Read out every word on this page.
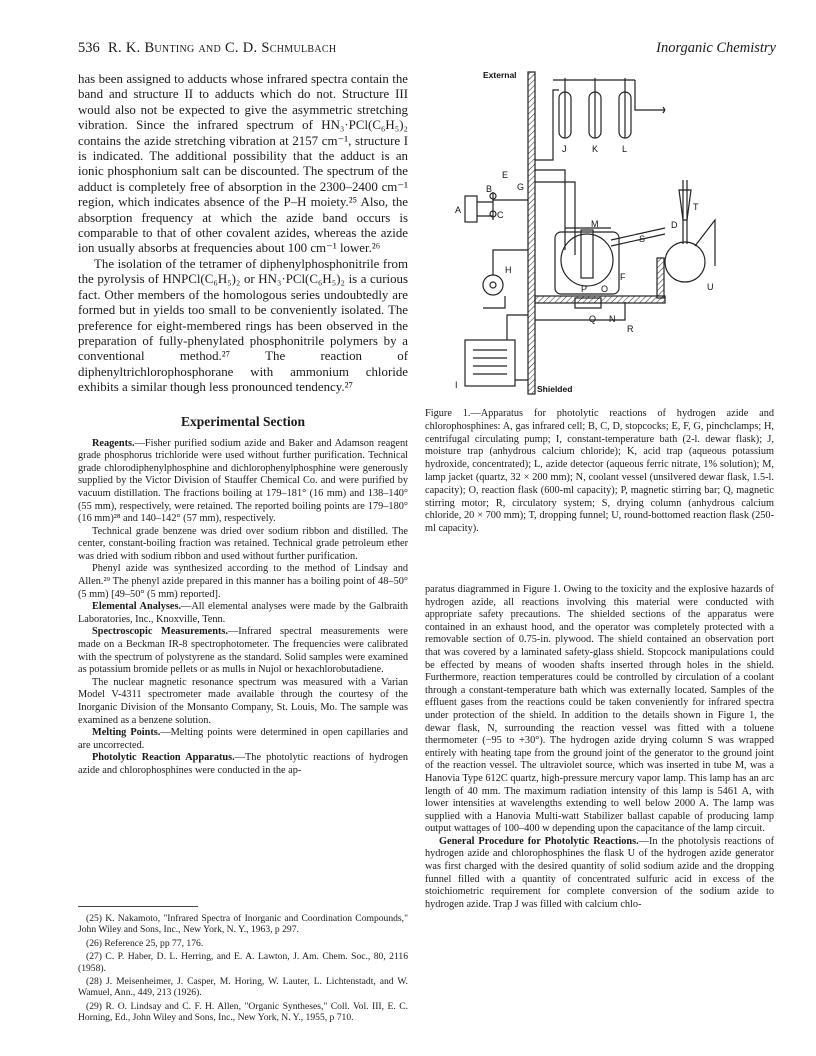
536 R. K. Bunting and C. D. Schmulbach	Inorganic Chemistry

has been assigned to adducts whose infrared spectra contain the band and structure II to adducts which do not. Structure III would also not be expected to give the asymmetric stretching vibration. Since the infrared spectrum of HN₃·PCl(C₆H₅)₂ contains the azide stretching vibration at 2157 cm⁻¹, structure I is indicated. The additional possibility that the adduct is an ionic phosphonium salt can be discounted. The spectrum of the adduct is completely free of absorption in the 2300–2400 cm⁻¹ region, which indicates absence of the P–H moiety.²⁵ Also, the absorption frequency at which the azide band occurs is comparable to that of other covalent azides, whereas the azide ion usually absorbs at frequencies about 100 cm⁻¹ lower.²⁶

The isolation of the tetramer of diphenylphosphonitrile from the pyrolysis of HNPCl(C₆H₅)₂ or HN₃·PCl(C₆H₅)₂ is a curious fact. Other members of the homologous series undoubtedly are formed but in yields too small to be conveniently isolated. The preference for eight-membered rings has been observed in the preparation of fully-phenylated phosphonitrile polymers by a conventional method.²⁷ The reaction of diphenyltrichlorophosphorane with ammonium chloride exhibits a similar though less pronounced tendency.²⁷

Experimental Section

Reagents.—Fisher purified sodium azide and Baker and Adamson reagent grade phosphorus trichloride were used without further purification. Technical grade chlorodiphenylphosphine and dichlorophenylphosphine were generously supplied by the Victor Division of Stauffer Chemical Co. and were purified by vacuum distillation. The fractions boiling at 179–181° (16 mm) and 138–140° (55 mm), respectively, were retained. The reported boiling points are 179–180° (16 mm)²⁸ and 140–142° (57 mm), respectively.

Technical grade benzene was dried over sodium ribbon and distilled. The center, constant-boiling fraction was retained. Technical grade petroleum ether was dried with sodium ribbon and used without further purification.

Phenyl azide was synthesized according to the method of Lindsay and Allen.²⁹ The phenyl azide prepared in this manner has a boiling point of 48–50° (5 mm) [49–50° (5 mm) reported].

Elemental Analyses.—All elemental analyses were made by the Galbraith Laboratories, Inc., Knoxville, Tenn.

Spectroscopic Measurements.—Infrared spectral measurements were made on a Beckman IR-8 spectrophotometer. The frequencies were calibrated with the spectrum of polystyrene as the standard. Solid samples were examined as potassium bromide pellets or as mulls in Nujol or hexachlorobutadiene.

The nuclear magnetic resonance spectrum was measured with a Varian Model V-4311 spectrometer made available through the courtesy of the Inorganic Division of the Monsanto Company, St. Louis, Mo. The sample was examined as a benzene solution.

Melting Points.—Melting points were determined in open capillaries and are uncorrected.

Photolytic Reaction Apparatus.—The photolytic reactions of hydrogen azide and chlorophosphines were conducted in the ap-

(25) K. Nakamoto, "Infrared Spectra of Inorganic and Coordination Compounds," John Wiley and Sons, Inc., New York, N. Y., 1963, p 297.

(26) Reference 25, pp 77, 176.

(27) C. P. Haber, D. L. Herring, and E. A. Lawton, J. Am. Chem. Soc., 80, 2116 (1958).

(28) J. Meisenheimer, J. Casper, M. Horing, W. Lauter, L. Lichtenstadt, and W. Wamuel, Ann., 449, 213 (1926).

(29) R. O. Lindsay and C. F. H. Allen, "Organic Syntheses," Coll. Vol. III, E. C. Horning, Ed., John Wiley and Sons, Inc., New York, N. Y., 1955, p 710.

External
Shielded
A
B
C
D
E
F
G
H
I
J	K	L
M
N
O
P
Q
R
S
T
U
Figure 1.—Apparatus for photolytic reactions of hydrogen azide and chlorophosphines: A, gas infrared cell; B, C, D, stopcocks; E, F, G, pinchclamps; H, centrifugal circulating pump; I, constant-temperature bath (2-l. dewar flask); J, moisture trap (anhydrous calcium chloride); K, acid trap (aqueous potassium hydroxide, concentrated); L, azide detector (aqueous ferric nitrate, 1% solution); M, lamp jacket (quartz, 32 × 200 mm); N, coolant vessel (unsilvered dewar flask, 1.5-l. capacity); O, reaction flask (600-ml capacity); P, magnetic stirring bar; Q, magnetic stirring motor; R, circulatory system; S, drying column (anhydrous calcium chloride, 20 × 700 mm); T, dropping funnel; U, round-bottomed reaction flask (250-ml capacity).

paratus diagrammed in Figure 1. Owing to the toxicity and the explosive hazards of hydrogen azide, all reactions involving this material were conducted with appropriate safety precautions. The shielded sections of the apparatus were contained in an exhaust hood, and the operator was completely protected with a removable section of 0.75-in. plywood. The shield contained an observation port that was covered by a laminated safety-glass shield. Stopcock manipulations could be effected by means of wooden shafts inserted through holes in the shield. Furthermore, reaction temperatures could be controlled by circulation of a coolant through a constant-temperature bath which was externally located. Samples of the effluent gases from the reactions could be taken conveniently for infrared spectra under protection of the shield. In addition to the details shown in Figure 1, the dewar flask, N, surrounding the reaction vessel was fitted with a toluene thermometer (−95 to +30°). The hydrogen azide drying column S was wrapped entirely with heating tape from the ground joint of the generator to the ground joint of the reaction vessel. The ultraviolet source, which was inserted in tube M, was a Hanovia Type 612C quartz, high-pressure mercury vapor lamp. This lamp has an arc length of 40 mm. The maximum radiation intensity of this lamp is 5461 A, with lower intensities at wavelengths extending to well below 2000 A. The lamp was supplied with a Hanovia Multi-watt Stabilizer ballast capable of producing lamp output wattages of 100–400 w depending upon the capacitance of the lamp circuit.

General Procedure for Photolytic Reactions.—In the photolysis reactions of hydrogen azide and chlorophosphines the flask U of the hydrogen azide generator was first charged with the desired quantity of solid sodium azide and the dropping funnel filled with a quantity of concentrated sulfuric acid in excess of the stoichiometric requirement for complete conversion of the sodium azide to hydrogen azide. Trap J was filled with calcium chlo-
